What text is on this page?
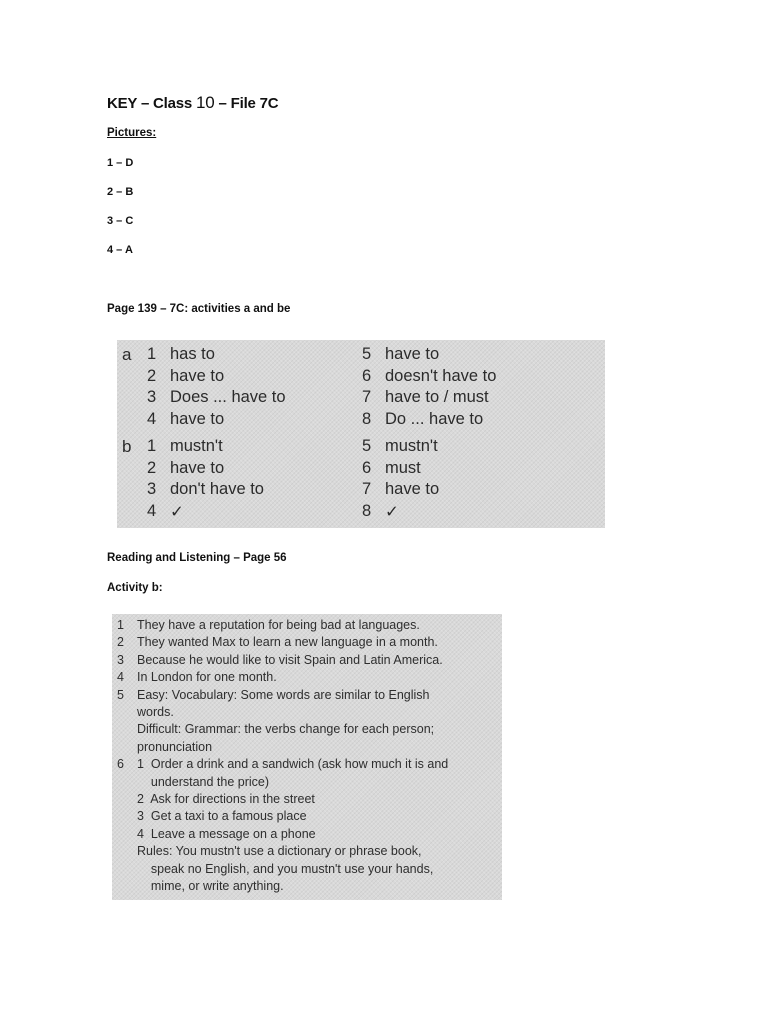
KEY – Class 10 – File 7C
Pictures:
1 – D
2 – B
3 – C
4 – A
Page 139 – 7C: activities a and be
a
b
1 has to
2 have to
3 Does ... have to
4 have to
5 have to
6 doesn't have to
7 have to / must
8 Do ... have to
1 mustn't
2 have to
3 don't have to
4 ✓
5 mustn't
6 must
7 have to
8 ✓
Reading and Listening – Page 56
Activity b:
1 They have a reputation for being bad at languages.
2 They wanted Max to learn a new language in a month.
3 Because he would like to visit Spain and Latin America.
4 In London for one month.
5 Easy: Vocabulary: Some words are similar to English
words.
Difficult: Grammar: the verbs change for each person;
pronunciation
6 1  Order a drink and a sandwich (ask how much it is and
understand the price)
2  Ask for directions in the street
3  Get a taxi to a famous place
4  Leave a message on a phone
Rules: You mustn't use a dictionary or phrase book,
speak no English, and you mustn't use your hands,
mime, or write anything.
